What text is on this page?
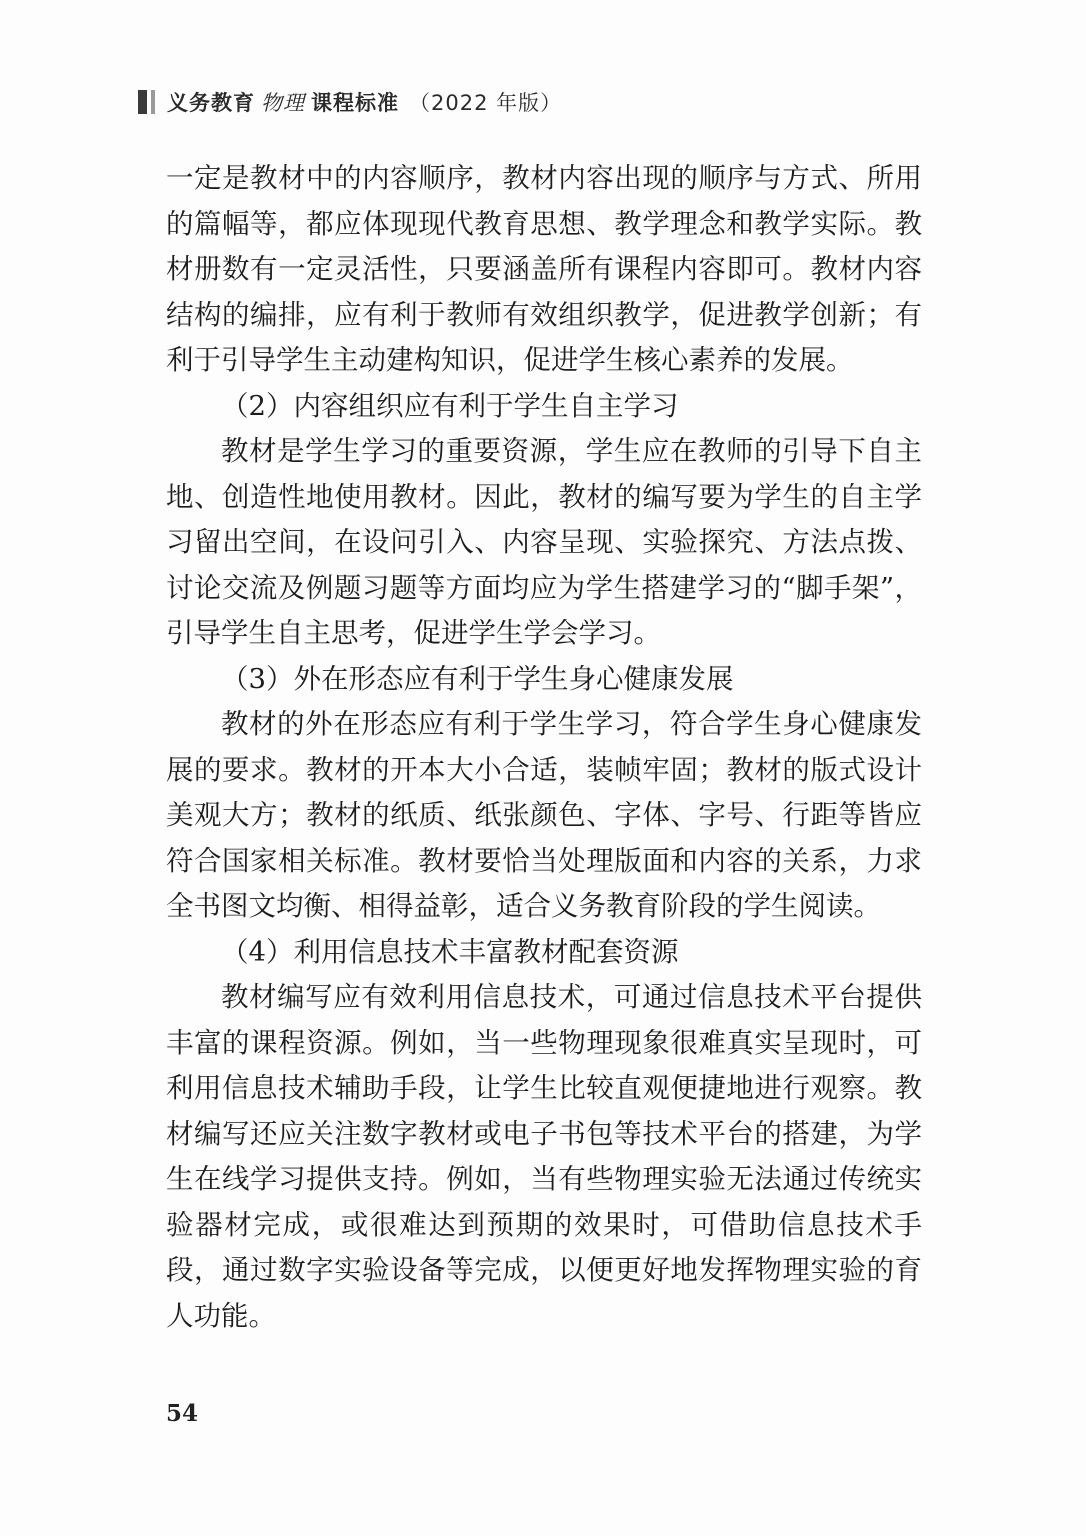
义务教育 物理 课程标准 （2022 年版）

一定是教材中的内容顺序，教材内容出现的顺序与方式、所用的篇幅等，都应体现现代教育思想、教学理念和教学实际。教材册数有一定灵活性，只要涵盖所有课程内容即可。教材内容结构的编排，应有利于教师有效组织教学，促进教学创新；有利于引导学生主动建构知识，促进学生核心素养的发展。

（2）内容组织应有利于学生自主学习

教材是学生学习的重要资源，学生应在教师的引导下自主地、创造性地使用教材。因此，教材的编写要为学生的自主学习留出空间，在设问引入、内容呈现、实验探究、方法点拨、讨论交流及例题习题等方面均应为学生搭建学习的“脚手架”，引导学生自主思考，促进学生学会学习。

（3）外在形态应有利于学生身心健康发展

教材的外在形态应有利于学生学习，符合学生身心健康发展的要求。教材的开本大小合适，装帧牢固；教材的版式设计美观大方；教材的纸质、纸张颜色、字体、字号、行距等皆应符合国家相关标准。教材要恰当处理版面和内容的关系，力求全书图文均衡、相得益彰，适合义务教育阶段的学生阅读。

（4）利用信息技术丰富教材配套资源

教材编写应有效利用信息技术，可通过信息技术平台提供丰富的课程资源。例如，当一些物理现象很难真实呈现时，可利用信息技术辅助手段，让学生比较直观便捷地进行观察。教材编写还应关注数字教材或电子书包等技术平台的搭建，为学生在线学习提供支持。例如，当有些物理实验无法通过传统实验器材完成，或很难达到预期的效果时，可借助信息技术手段，通过数字实验设备等完成，以便更好地发挥物理实验的育人功能。

54
